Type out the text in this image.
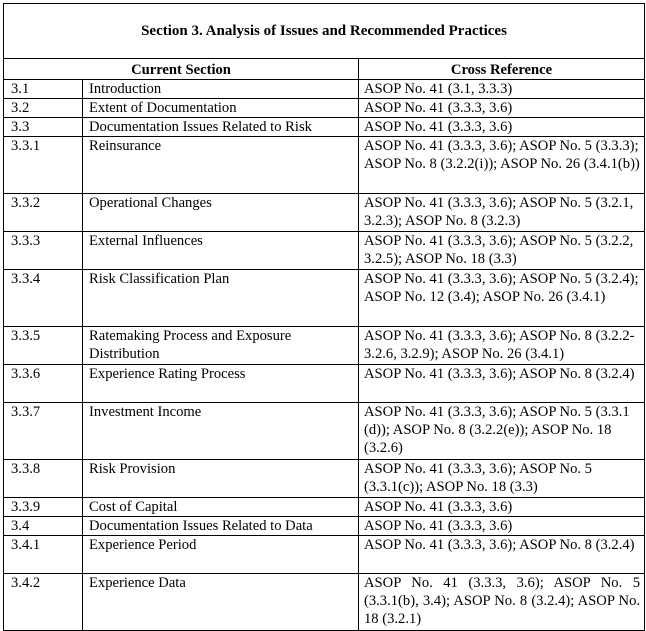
Section 3. Analysis of Issues and Recommended Practices		
Current Section		Cross Reference
3.1	Introduction	ASOP No. 41 (3.1, 3.3.3)
3.2	Extent of Documentation	ASOP No. 41 (3.3.3, 3.6)
3.3	Documentation Issues Related to Risk	ASOP No. 41 (3.3.3, 3.6)
3.3.1	Reinsurance	ASOP No. 41 (3.3.3, 3.6); ASOP No. 5 (3.3.3); ASOP No. 8 (3.2.2(i)); ASOP No. 26 (3.4.1(b))
3.3.2	Operational Changes	ASOP No. 41 (3.3.3, 3.6); ASOP No. 5 (3.2.1, 3.2.3); ASOP No. 8 (3.2.3)
3.3.3	External Influences	ASOP No. 41 (3.3.3, 3.6); ASOP No. 5 (3.2.2, 3.2.5); ASOP No. 18 (3.3)
3.3.4	Risk Classification Plan	ASOP No. 41 (3.3.3, 3.6); ASOP No. 5 (3.2.4); ASOP No. 12 (3.4); ASOP No. 26 (3.4.1)
3.3.5	Ratemaking Process and Exposure Distribution	ASOP No. 41 (3.3.3, 3.6); ASOP No. 8 (3.2.2-3.2.6, 3.2.9); ASOP No. 26 (3.4.1)
3.3.6	Experience Rating Process	ASOP No. 41 (3.3.3, 3.6); ASOP No. 8 (3.2.4)
3.3.7	Investment Income	ASOP No. 41 (3.3.3, 3.6); ASOP No. 5 (3.3.1 (d)); ASOP No. 8 (3.2.2(e)); ASOP No. 18 (3.2.6)
3.3.8	Risk Provision	ASOP No. 41 (3.3.3, 3.6); ASOP No. 5 (3.3.1(c)); ASOP No. 18 (3.3)
3.3.9	Cost of Capital	ASOP No. 41 (3.3.3, 3.6)
3.4	Documentation Issues Related to Data	ASOP No. 41 (3.3.3, 3.6)
3.4.1	Experience Period	ASOP No. 41 (3.3.3, 3.6); ASOP No. 8 (3.2.4)
3.4.2	Experience Data	ASOP No. 41 (3.3.3, 3.6); ASOP No. 5 (3.3.1(b), 3.4); ASOP No. 8 (3.2.4); ASOP No. 18 (3.2.1)
